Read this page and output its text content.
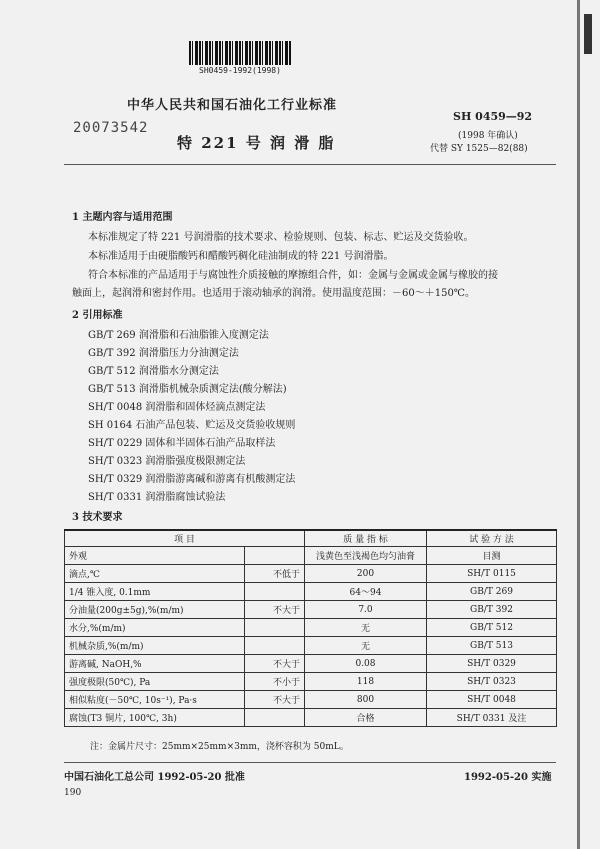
SH0459-1992(1998)
中华人民共和国石油化工行业标准
20073542
特 221 号 润 滑 脂
SH 0459—92
(1998 年确认)
代替 SY 1525—82(88)
1 主题内容与适用范围
本标准规定了特 221 号润滑脂的技术要求、检验规则、包装、标志、贮运及交货验收。
本标准适用于由硬脂酸钙和醋酸钙稠化硅油制成的特 221 号润滑脂。
符合本标准的产品适用于与腐蚀性介质接触的摩擦组合件，如：金属与金属或金属与橡胶的接
触面上，起润滑和密封作用。也适用于滚动轴承的润滑。使用温度范围：－60～＋150℃。
2 引用标准
GB/T 269 润滑脂和石油脂锥入度测定法
GB/T 392 润滑脂压力分油测定法
GB/T 512 润滑脂水分测定法
GB/T 513 润滑脂机械杂质测定法(酸分解法)
SH/T 0048 润滑脂和固体烃滴点测定法
SH 0164 石油产品包装、贮运及交货验收规则
SH/T 0229 固体和半固体石油产品取样法
SH/T 0323 润滑脂强度极限测定法
SH/T 0329 润滑脂游离碱和游离有机酸测定法
SH/T 0331 润滑脂腐蚀试验法
3 技术要求
项 目		质 量 指 标	试 验 方 法
外观		浅黄色至浅褐色均匀油膏	目测
滴点,℃	不低于	200	SH/T 0115
1/4 锥入度, 0.1mm		64～94	GB/T 269
分油量(200g±5g),%(m/m)	不大于	7.0	GB/T 392
水分,%(m/m)		无	GB/T 512
机械杂质,%(m/m)		无	GB/T 513
游离碱, NaOH,%	不大于	0.08	SH/T 0329
强度极限(50℃), Pa	不小于	118	SH/T 0323
相似粘度(－50℃, 10s⁻¹), Pa·s	不大于	800	SH/T 0048
腐蚀(T3 铜片, 100℃, 3h)		合格	SH/T 0331 及注
注：金属片尺寸：25mm×25mm×3mm，浇杯容积为 50mL。
中国石油化工总公司 1992-05-20 批准	1992-05-20 实施
190
